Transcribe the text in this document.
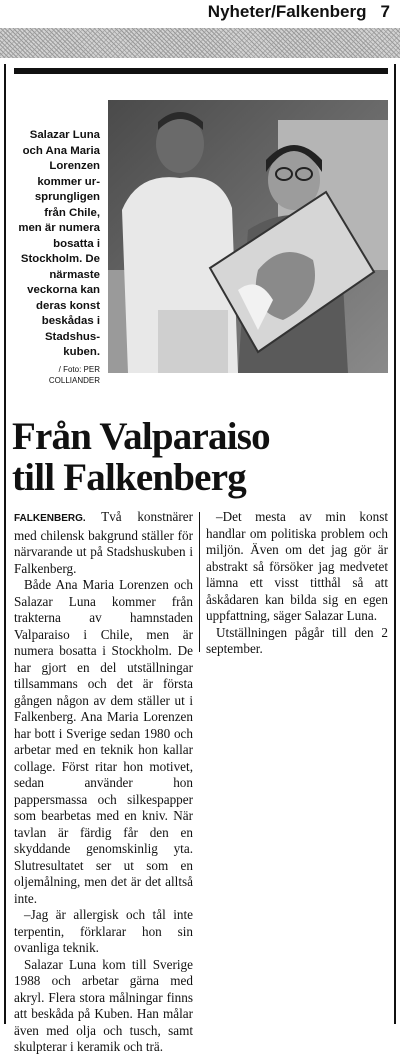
Nyheter/Falkenberg 7
Salazar Luna
och Ana Maria
Lorenzen
kommer ur-
sprungligen
från Chile,
men är numera
bosatta i
Stockholm. De
närmaste
veckorna kan
deras konst
beskådas i
Stadshus-
kuben.
/ Foto: PER COLLIANDER
Från Valparaiso
till Falkenberg

FALKENBERG. Två konstnärer med chilensk bakgrund ställer för närvarande ut på Stadshuskuben i Falkenberg.

Både Ana Maria Lorenzen och Salazar Luna kommer från trakterna av hamnstaden Valparaiso i Chile, men är numera bosatta i Stockholm. De har gjort en del utställningar tillsammans och det är första gången någon av dem ställer ut i Falkenberg. Ana Maria Lorenzen har bott i Sverige sedan 1980 och arbetar med en teknik hon kallar collage. Först ritar hon motivet, sedan använder hon pappersmassa och silkespapper som bearbetas med en kniv. När tavlan är färdig får den en skyddande genomskinlig yta. Slutresultatet ser ut som en oljemålning, men det är det alltså inte.

–Jag är allergisk och tål inte terpentin, förklarar hon sin ovanliga teknik.

Salazar Luna kom till Sverige 1988 och arbetar gärna med akryl. Flera stora målningar finns att beskåda på Kuben. Han målar även med olja och tusch, samt skulpterar i keramik och trä.

–Det mesta av min konst handlar om politiska problem och miljön. Även om det jag gör är abstrakt så försöker jag medvetet lämna ett visst titthål så att åskådaren kan bilda sig en egen uppfattning, säger Salazar Luna.

Utställningen pågår till den 2 september.
